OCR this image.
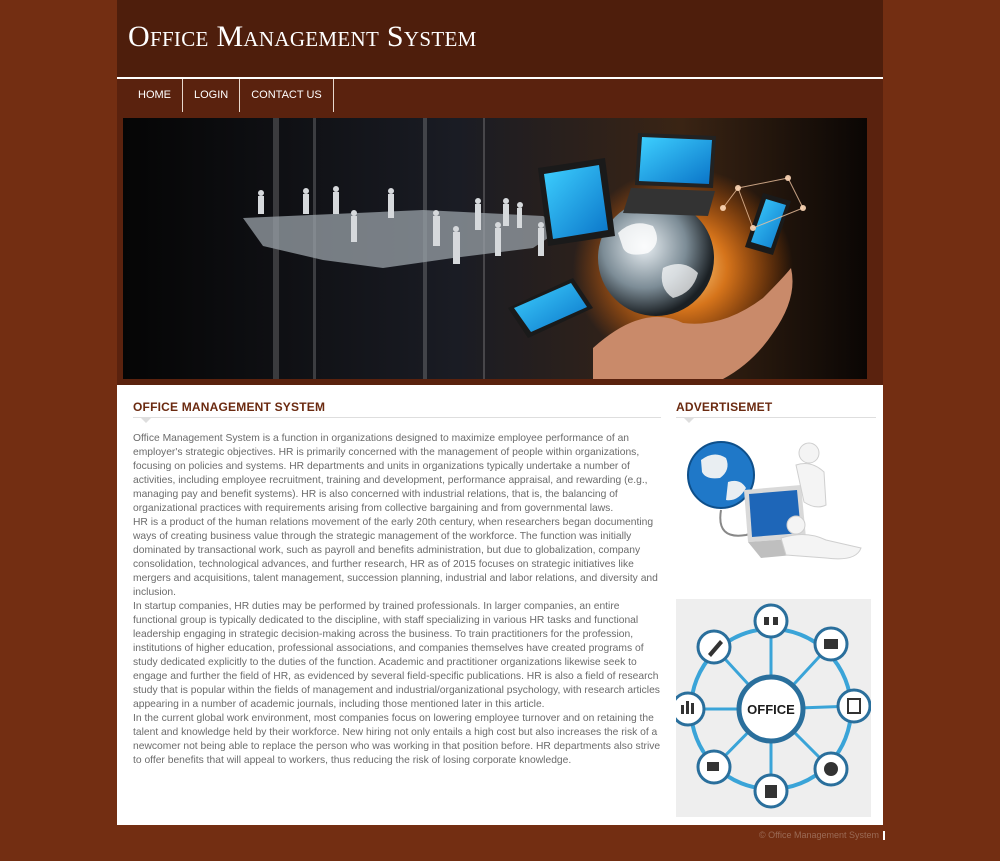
Office Management System
HOME	LOGIN	CONTACT US
OFFICE MANAGEMENT SYSTEM

Office Management System is a function in organizations designed to maximize employee performance of an employer's strategic objectives. HR is primarily concerned with the management of people within organizations, focusing on policies and systems. HR departments and units in organizations typically undertake a number of activities, including employee recruitment, training and development, performance appraisal, and rewarding (e.g., managing pay and benefit systems). HR is also concerned with industrial relations, that is, the balancing of organizational practices with requirements arising from collective bargaining and from governmental laws.

HR is a product of the human relations movement of the early 20th century, when researchers began documenting ways of creating business value through the strategic management of the workforce. The function was initially dominated by transactional work, such as payroll and benefits administration, but due to globalization, company consolidation, technological advances, and further research, HR as of 2015 focuses on strategic initiatives like mergers and acquisitions, talent management, succession planning, industrial and labor relations, and diversity and inclusion.

In startup companies, HR duties may be performed by trained professionals. In larger companies, an entire functional group is typically dedicated to the discipline, with staff specializing in various HR tasks and functional leadership engaging in strategic decision-making across the business. To train practitioners for the profession, institutions of higher education, professional associations, and companies themselves have created programs of study dedicated explicitly to the duties of the function. Academic and practitioner organizations likewise seek to engage and further the field of HR, as evidenced by several field-specific publications. HR is also a field of research study that is popular within the fields of management and industrial/organizational psychology, with research articles appearing in a number of academic journals, including those mentioned later in this article.

In the current global work environment, most companies focus on lowering employee turnover and on retaining the talent and knowledge held by their workforce. New hiring not only entails a high cost but also increases the risk of a newcomer not being able to replace the person who was working in that position before. HR departments also strive to offer benefits that will appeal to workers, thus reducing the risk of losing corporate knowledge.

ADVERTISEMET
OFFICE
© Office Management System
